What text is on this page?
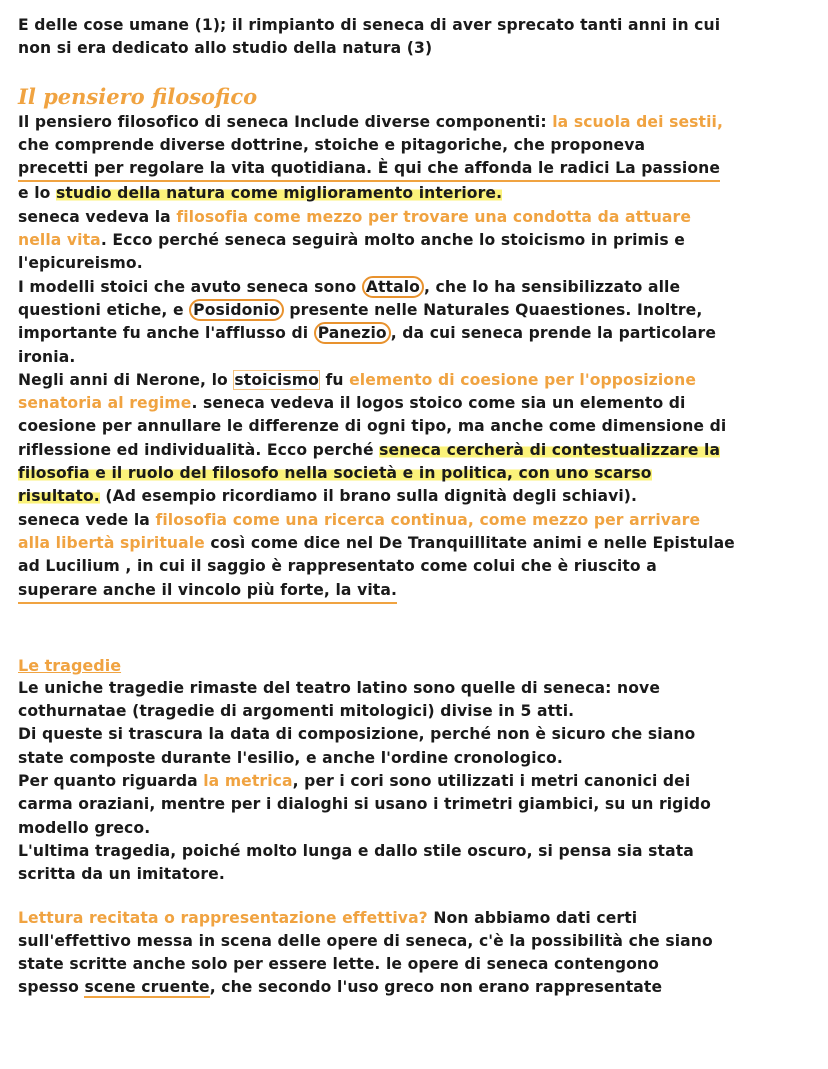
E delle cose umane (1); il rimpianto di seneca di aver sprecato tanti anni in cui
non si era dedicato allo studio della natura (3)
Il pensiero filosofico
Il pensiero filosofico di seneca Include diverse componenti: la scuola dei sestii,
che comprende diverse dottrine, stoiche e pitagoriche, che proponeva
precetti per regolare la vita quotidiana. È qui che affonda le radici La passione
e lo studio della natura come miglioramento interiore.
seneca vedeva la filosofia come mezzo per trovare una condotta da attuare
nella vita. Ecco perché seneca seguirà molto anche lo stoicismo in primis e
l'epicureismo.
I modelli stoici che avuto seneca sono Attalo , che lo ha sensibilizzato alle
questioni etiche, e Posidonio presente nelle Naturales Quaestiones. Inoltre,
importante fu anche l'afflusso di Panezio , da cui seneca prende la particolare
ironia.
Negli anni di Nerone, lo stoicismo fu elemento di coesione per l'opposizione
senatoria al regime. seneca vedeva il logos stoico come sia un elemento di
coesione per annullare le differenze di ogni tipo, ma anche come dimensione di
riflessione ed individualità. Ecco perché seneca cercherà di contestualizzare la
filosofia e il ruolo del filosofo nella società e in politica, con uno scarso
risultato. (Ad esempio ricordiamo il brano sulla dignità degli schiavi).
seneca vede la filosofia come una ricerca continua, come mezzo per arrivare
alla libertà spirituale così come dice nel De Tranquillitate animi e nelle Epistulae
ad Lucilium , in cui il saggio è rappresentato come colui che è riuscito a
superare anche il vincolo più forte, la vita.
Le tragedie
Le uniche tragedie rimaste del teatro latino sono quelle di seneca: nove
cothurnatae (tragedie di argomenti mitologici) divise in 5 atti.
Di queste si trascura la data di composizione, perché non è sicuro che siano
state composte durante l'esilio, e anche l'ordine cronologico.
Per quanto riguarda la metrica, per i cori sono utilizzati i metri canonici dei
carma oraziani, mentre per i dialoghi si usano i trimetri giambici, su un rigido
modello greco.
L'ultima tragedia, poiché molto lunga e dallo stile oscuro, si pensa sia stata
scritta da un imitatore.
Lettura recitata o rappresentazione effettiva? Non abbiamo dati certi
sull'effettivo messa in scena delle opere di seneca, c'è la possibilità che siano
state scritte anche solo per essere lette. le opere di seneca contengono
spesso scene cruente, che secondo l'uso greco non erano rappresentate
